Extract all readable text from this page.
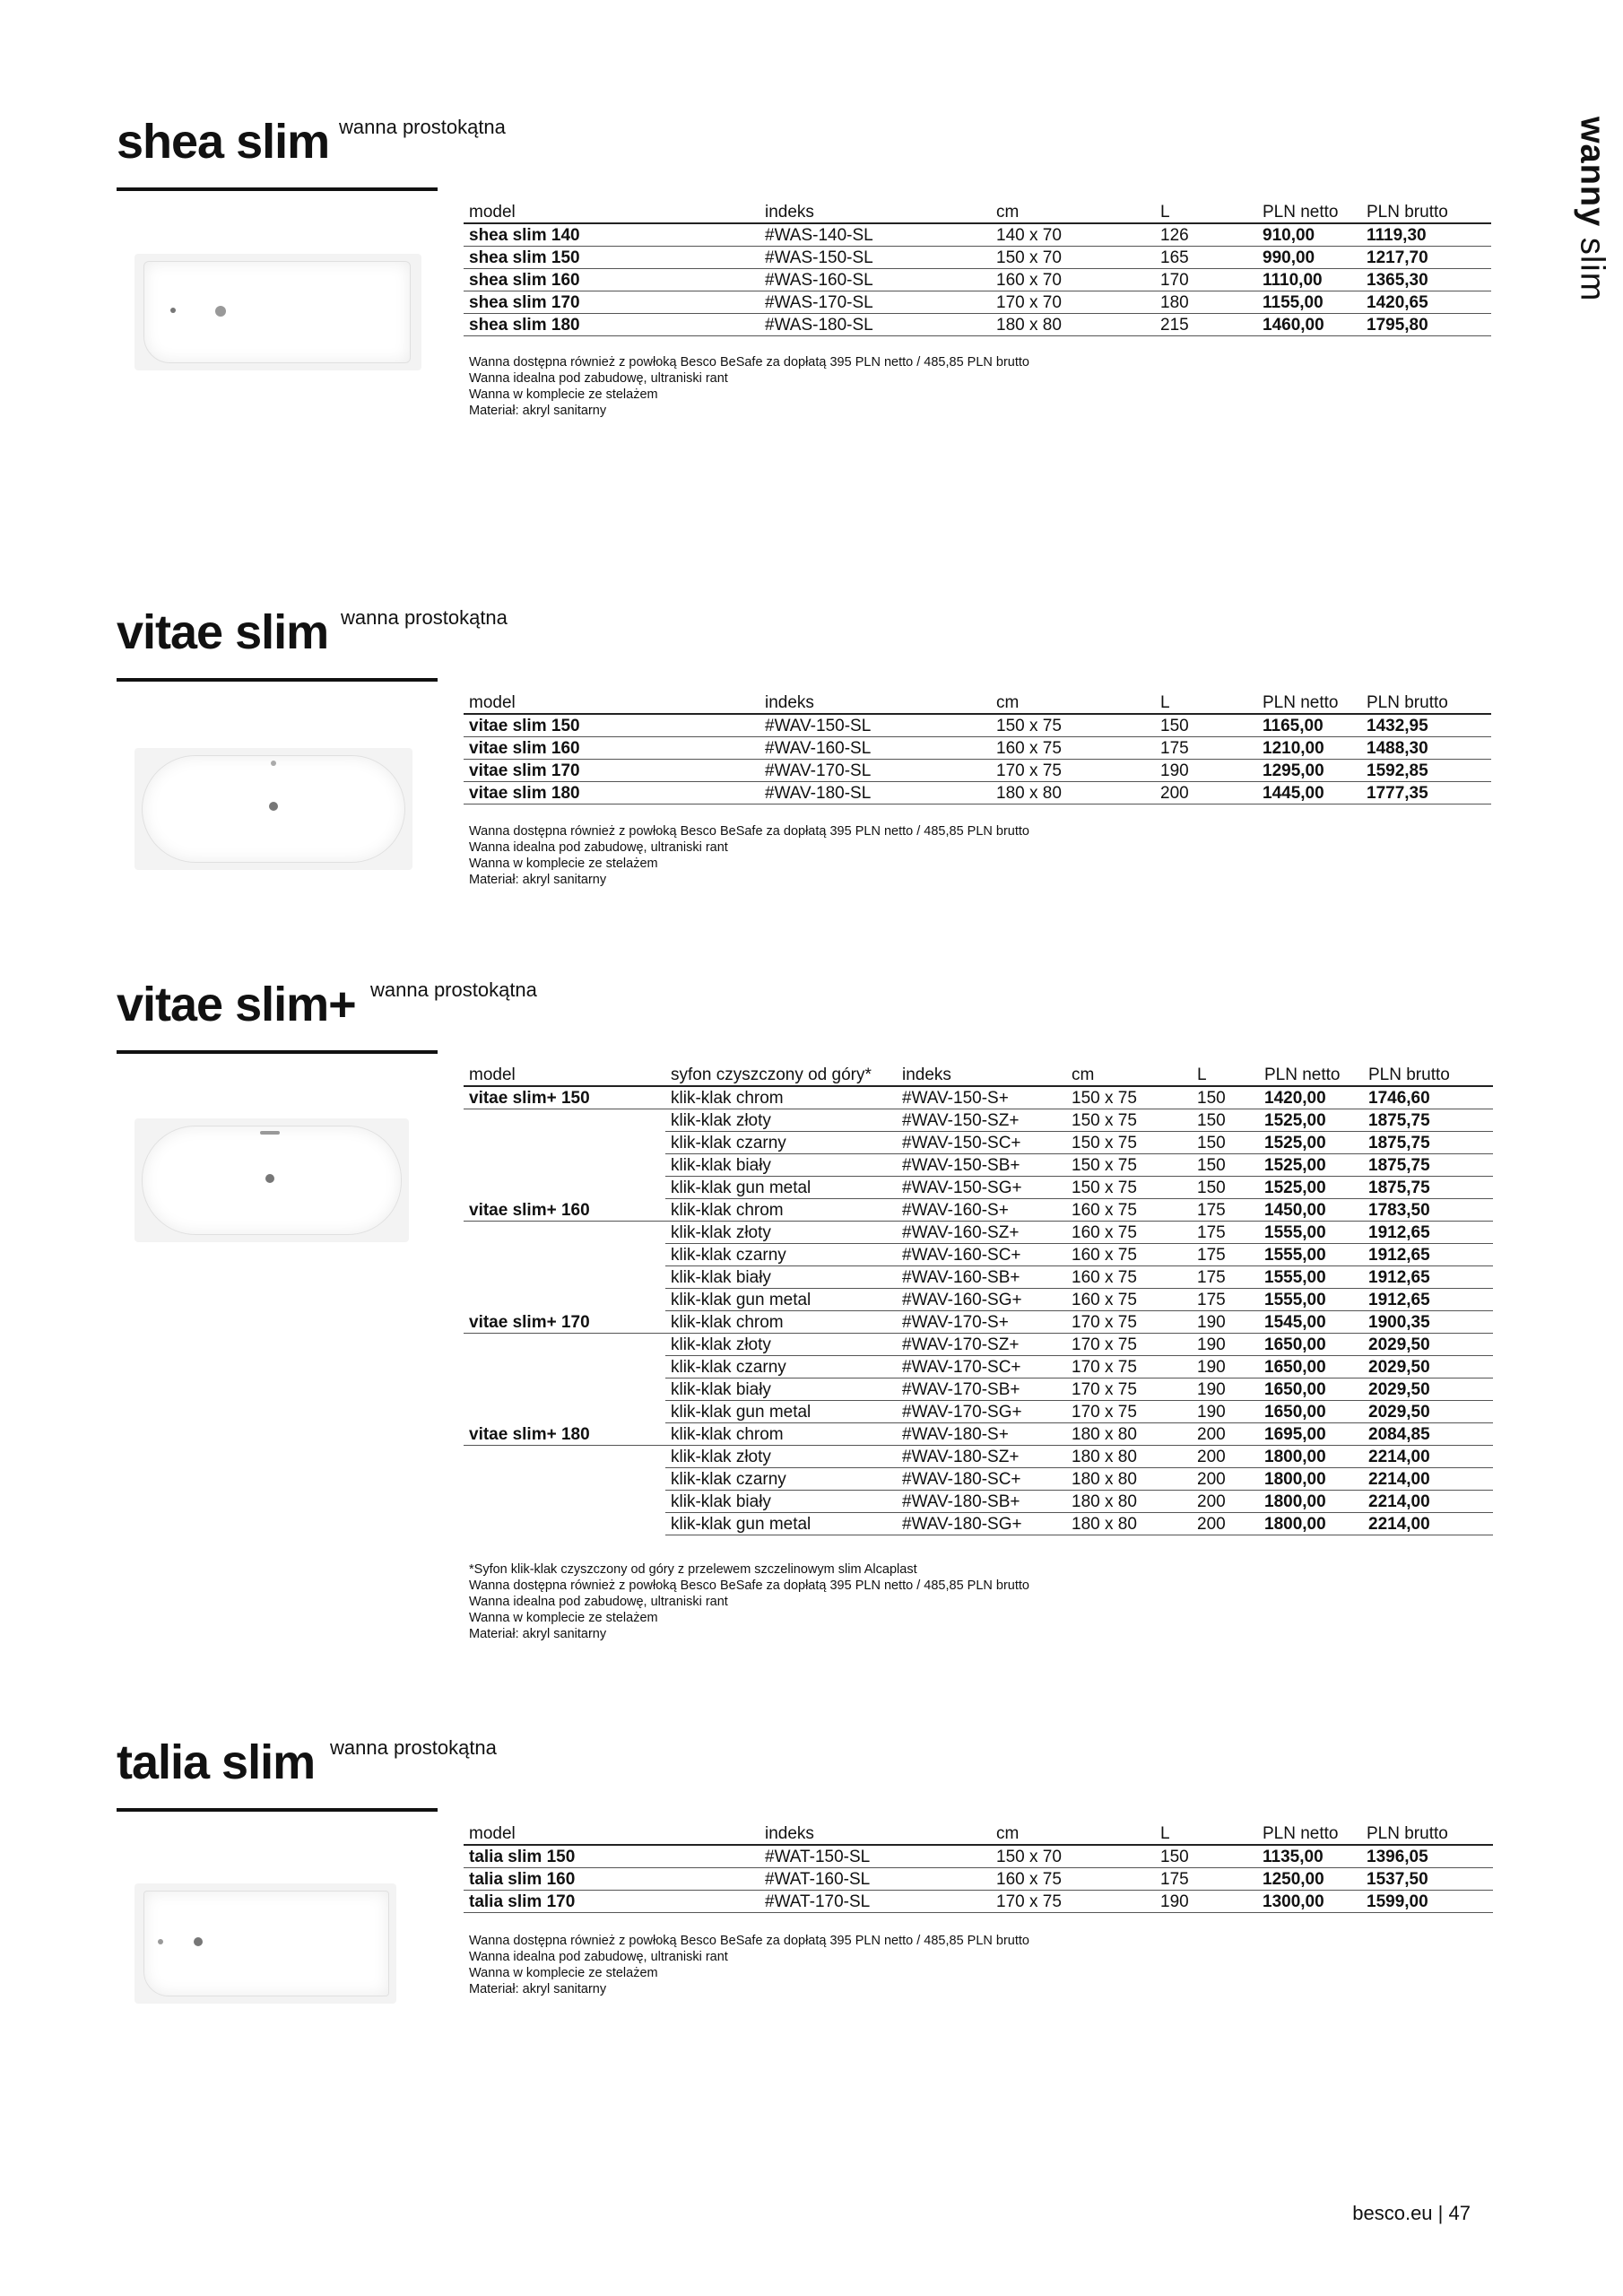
wanny slim
shea slim wanna prostokątna
model	indeks	cm	L	PLN netto	PLN brutto
shea slim 140	#WAS-140-SL	140 x 70	126	910,00	1119,30
shea slim 150	#WAS-150-SL	150 x 70	165	990,00	1217,70
shea slim 160	#WAS-160-SL	160 x 70	170	1110,00	1365,30
shea slim 170	#WAS-170-SL	170 x 70	180	1155,00	1420,65
shea slim 180	#WAS-180-SL	180 x 80	215	1460,00	1795,80
Wanna dostępna również z powłoką Besco BeSafe za dopłatą 395 PLN netto / 485,85 PLN brutto
Wanna idealna pod zabudowę, ultraniski rant
Wanna w komplecie ze stelażem
Materiał: akryl sanitarny
vitae slim wanna prostokątna
model	indeks	cm	L	PLN netto	PLN brutto
vitae slim 150	#WAV-150-SL	150 x 75	150	1165,00	1432,95
vitae slim 160	#WAV-160-SL	160 x 75	175	1210,00	1488,30
vitae slim 170	#WAV-170-SL	170 x 75	190	1295,00	1592,85
vitae slim 180	#WAV-180-SL	180 x 80	200	1445,00	1777,35
Wanna dostępna również z powłoką Besco BeSafe za dopłatą 395 PLN netto / 485,85 PLN brutto
Wanna idealna pod zabudowę, ultraniski rant
Wanna w komplecie ze stelażem
Materiał: akryl sanitarny
vitae slim+ wanna prostokątna
model	syfon czyszczony od góry*	indeks	cm	L	PLN netto	PLN brutto
vitae slim+ 150	klik-klak chrom	#WAV-150-S+	150 x 75	150	1420,00	1746,60
	klik-klak złoty	#WAV-150-SZ+	150 x 75	150	1525,00	1875,75
	klik-klak czarny	#WAV-150-SC+	150 x 75	150	1525,00	1875,75
	klik-klak biały	#WAV-150-SB+	150 x 75	150	1525,00	1875,75
	klik-klak gun metal	#WAV-150-SG+	150 x 75	150	1525,00	1875,75
vitae slim+ 160	klik-klak chrom	#WAV-160-S+	160 x 75	175	1450,00	1783,50
	klik-klak złoty	#WAV-160-SZ+	160 x 75	175	1555,00	1912,65
	klik-klak czarny	#WAV-160-SC+	160 x 75	175	1555,00	1912,65
	klik-klak biały	#WAV-160-SB+	160 x 75	175	1555,00	1912,65
	klik-klak gun metal	#WAV-160-SG+	160 x 75	175	1555,00	1912,65
vitae slim+ 170	klik-klak chrom	#WAV-170-S+	170 x 75	190	1545,00	1900,35
	klik-klak złoty	#WAV-170-SZ+	170 x 75	190	1650,00	2029,50
	klik-klak czarny	#WAV-170-SC+	170 x 75	190	1650,00	2029,50
	klik-klak biały	#WAV-170-SB+	170 x 75	190	1650,00	2029,50
	klik-klak gun metal	#WAV-170-SG+	170 x 75	190	1650,00	2029,50
vitae slim+ 180	klik-klak chrom	#WAV-180-S+	180 x 80	200	1695,00	2084,85
	klik-klak złoty	#WAV-180-SZ+	180 x 80	200	1800,00	2214,00
	klik-klak czarny	#WAV-180-SC+	180 x 80	200	1800,00	2214,00
	klik-klak biały	#WAV-180-SB+	180 x 80	200	1800,00	2214,00
	klik-klak gun metal	#WAV-180-SG+	180 x 80	200	1800,00	2214,00
*Syfon klik-klak czyszczony od góry z przelewem szczelinowym slim Alcaplast
Wanna dostępna również z powłoką Besco BeSafe za dopłatą 395 PLN netto / 485,85 PLN brutto
Wanna idealna pod zabudowę, ultraniski rant
Wanna w komplecie ze stelażem
Materiał: akryl sanitarny
talia slim wanna prostokątna
model	indeks	cm	L	PLN netto	PLN brutto
talia slim 150	#WAT-150-SL	150 x 70	150	1135,00	1396,05
talia slim 160	#WAT-160-SL	160 x 75	175	1250,00	1537,50
talia slim 170	#WAT-170-SL	170 x 75	190	1300,00	1599,00
Wanna dostępna również z powłoką Besco BeSafe za dopłatą 395 PLN netto / 485,85 PLN brutto
Wanna idealna pod zabudowę, ultraniski rant
Wanna w komplecie ze stelażem
Materiał: akryl sanitarny
besco.eu | 47
